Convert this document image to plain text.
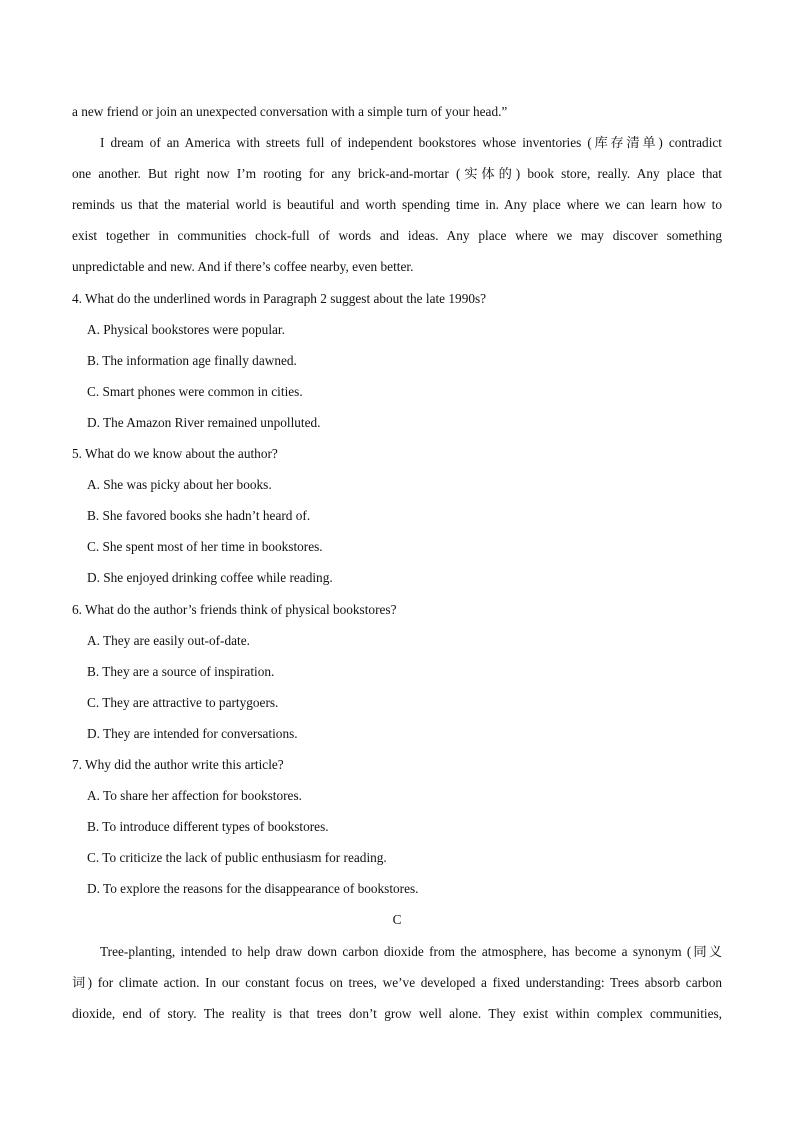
a new friend or join an unexpected conversation with a simple turn of your head.”
I dream of an America with streets full of independent bookstores whose inventories (库存清单) contradict
one another. But right now I’m rooting for any brick-and-mortar (实体的) book store, really. Any place that
reminds us that the material world is beautiful and worth spending time in. Any place where we can learn how to
exist together in communities chock-full of words and ideas. Any place where we may discover something
unpredictable and new. And if there’s coffee nearby, even better.
4. What do the underlined words in Paragraph 2 suggest about the late 1990s?
A. Physical bookstores were popular.
B. The information age finally dawned.
C. Smart phones were common in cities.
D. The Amazon River remained unpolluted.
5. What do we know about the author?
A. She was picky about her books.
B. She favored books she hadn’t heard of.
C. She spent most of her time in bookstores.
D. She enjoyed drinking coffee while reading.
6. What do the author’s friends think of physical bookstores?
A. They are easily out-of-date.
B. They are a source of inspiration.
C. They are attractive to partygoers.
D. They are intended for conversations.
7. Why did the author write this article?
A. To share her affection for bookstores.
B. To introduce different types of bookstores.
C. To criticize the lack of public enthusiasm for reading.
D. To explore the reasons for the disappearance of bookstores.
C
Tree-planting, intended to help draw down carbon dioxide from the atmosphere, has become a synonym (同义
词) for climate action. In our constant focus on trees, we’ve developed a fixed understanding: Trees absorb carbon
dioxide, end of story. The reality is that trees don’t grow well alone. They exist within complex communities,
